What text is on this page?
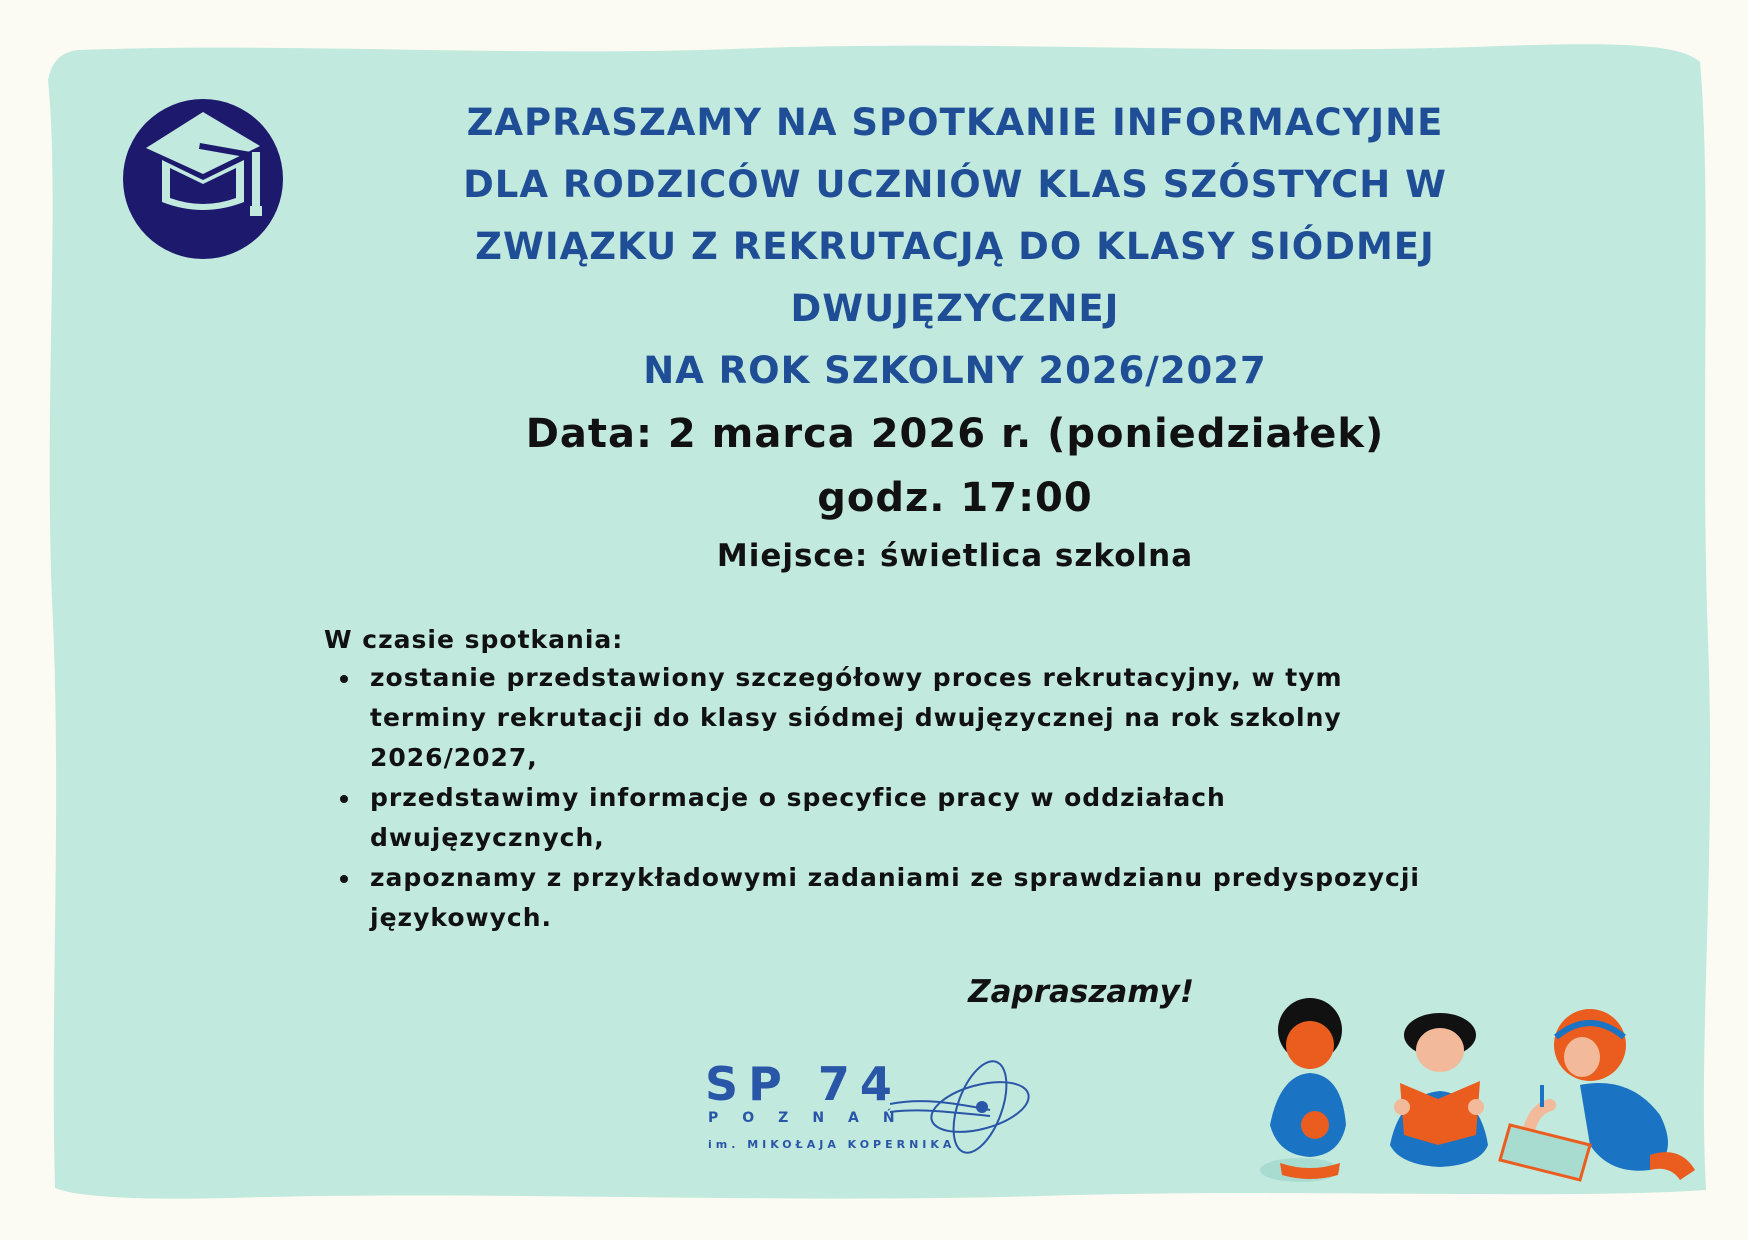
ZAPRASZAMY NA SPOTKANIE INFORMACYJNE
DLA RODZICÓW UCZNIÓW KLAS SZÓSTYCH W
ZWIĄZKU Z REKRUTACJĄ DO KLASY SIÓDMEJ
DWUJĘZYCZNEJ
NA ROK SZKOLNY 2026/2027

Data: 2 marca 2026 r. (poniedziałek)

godz. 17:00

Miejsce: świetlica szkolna

W czasie spotkania:

zostanie przedstawiony szczegółowy proces rekrutacyjny, w tym terminy rekrutacji do klasy siódmej dwujęzycznej na rok szkolny 2026/2027,
przedstawimy informacje o specyfice pracy w oddziałach dwujęzycznych,
zapoznamy z przykładowymi zadaniami ze sprawdzianu predyspozycji językowych.

Zapraszamy!

SP 74
POZNAŃ
im. MIKOŁAJA KOPERNIKA
